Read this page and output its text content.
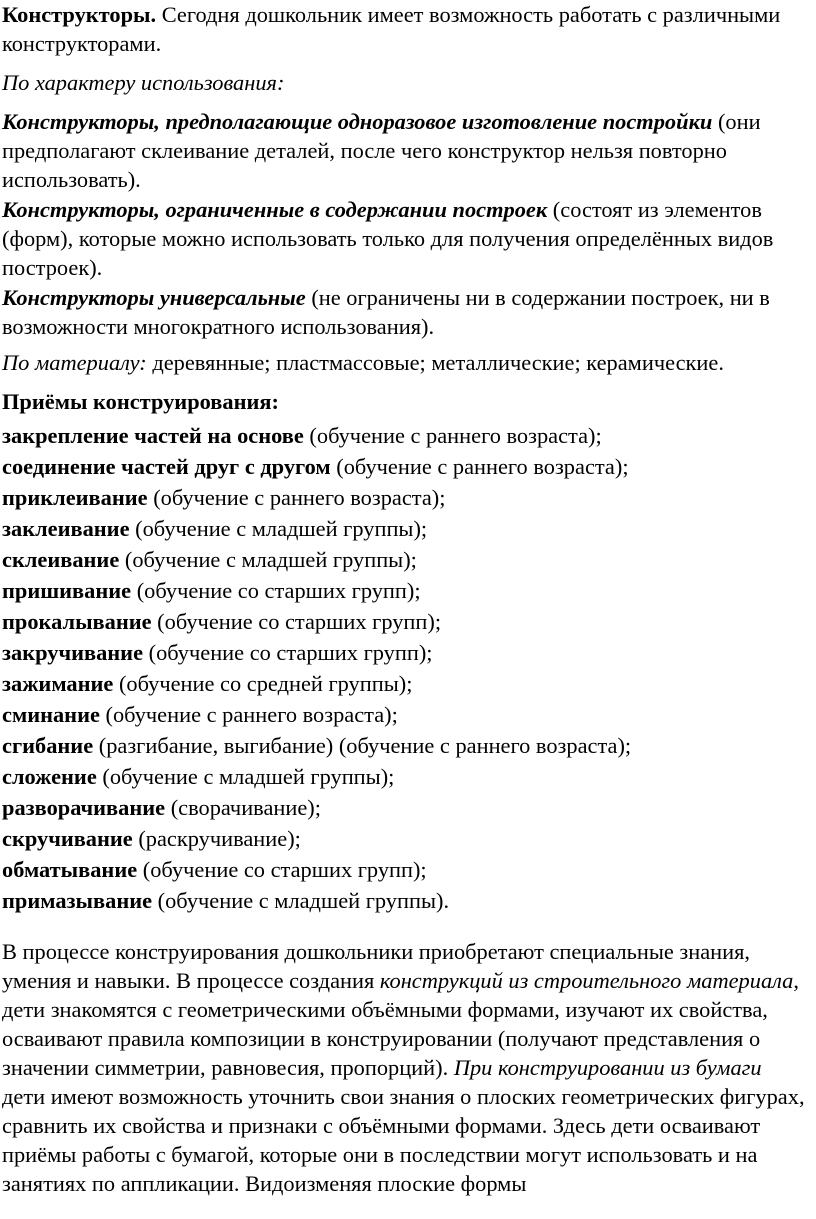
Конструкторы. Сегодня дошкольник имеет возможность работать с различными конструкторами.

По характеру использования:

Конструкторы, предполагающие одноразовое изготовление постройки (они предполагают склеивание деталей, после чего конструктор нельзя повторно использовать).

Конструкторы, ограниченные в содержании построек (состоят из элементов (форм), которые можно использовать только для получения определённых видов построек).

Конструкторы универсальные (не ограничены ни в содержании построек, ни в возможности многократного использования).

По материалу: деревянные; пластмассовые; металлические; керамические.

Приёмы конструирования:

закрепление частей на основе (обучение с раннего возраста);
соединение частей друг с другом (обучение с раннего возраста);
приклеивание (обучение с раннего возраста);
заклеивание (обучение с младшей группы);
склеивание (обучение с младшей группы);
пришивание (обучение со старших групп);
прокалывание (обучение со старших групп);
закручивание (обучение со старших групп);
зажимание (обучение со средней группы);
сминание (обучение с раннего возраста);
сгибание (разгибание, выгибание) (обучение с раннего возраста);
сложение (обучение с младшей группы);
разворачивание (сворачивание);
скручивание (раскручивание);
обматывание (обучение со старших групп);
примазывание (обучение с младшей группы).

В процессе конструирования дошкольники приобретают специальные знания, умения и навыки. В процессе создания конструкций из строительного материала, дети знакомятся с геометрическими объёмными формами, изучают их свойства, осваивают правила композиции в конструировании (получают представления о значении симметрии, равновесия, пропорций). При конструировании из бумаги дети имеют возможность уточнить свои знания о плоских геометрических фигурах, сравнить их свойства и признаки с объёмными формами. Здесь дети осваивают приёмы работы с бумагой, которые они в последствии могут использовать и на занятиях по аппликации. Видоизменяя плоские формы
